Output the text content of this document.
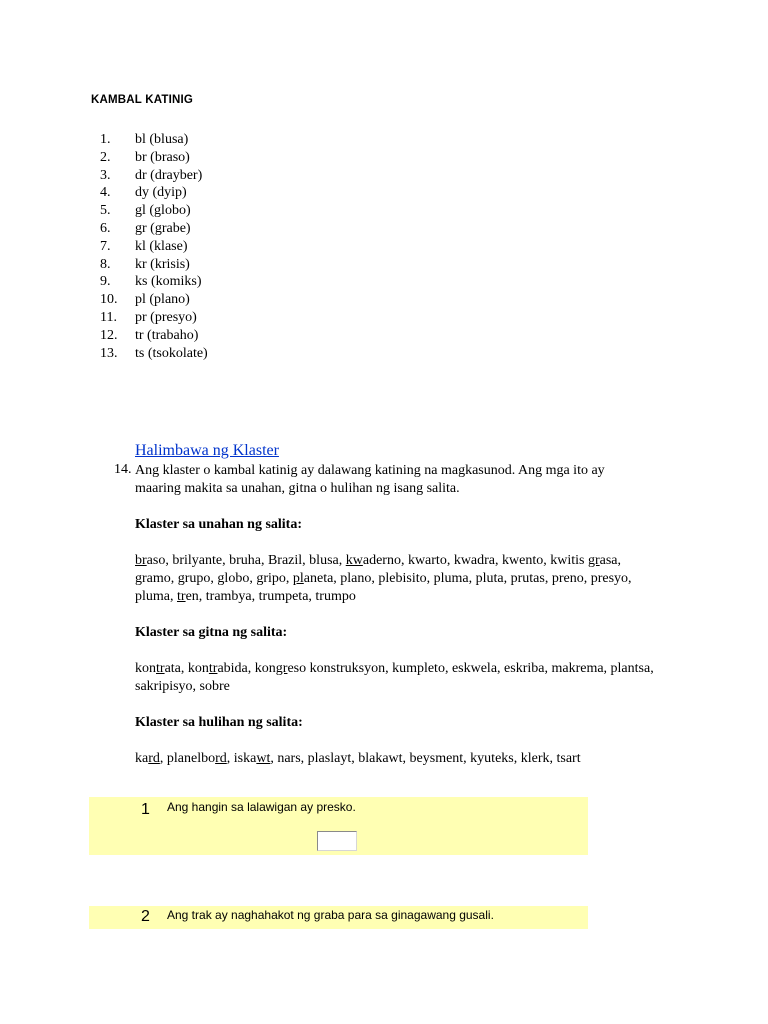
KAMBAL KATINIG
1.	bl (blusa)
2.	br (braso)
3.	dr (drayber)
4.	dy (dyip)
5.	gl (globo)
6.	gr (grabe)
7.	kl (klase)
8.	kr (krisis)
9.	ks (komiks)
10.	pl (plano)
11.	pr (presyo)
12.	tr (trabaho)
13.	ts (tsokolate)
Halimbawa ng Klaster
14. Ang klaster o kambal katinig ay dalawang katining na magkasunod. Ang mga ito ay maaring makita sa unahan, gitna o hulihan ng isang salita.

Klaster sa unahan ng salita:

braso, brilyante, bruha, Brazil, blusa, kwaderno, kwarto, kwadra, kwento, kwitis grasa, gramo, grupo, globo, gripo, planeta, plano, plebisito, pluma, pluta, prutas, preno, presyo, pluma, tren, trambya, trumpeta, trumpo

Klaster sa gitna ng salita:

kontrata, kontrabida, kongreso konstruksyon, kumpleto, eskwela, eskriba, makrema, plantsa, sakripisyo, sobre

Klaster sa hulihan ng salita:

kard, planelbord, iskawt, nars, plaslayt, blakawt, beysment, kyuteks, klerk, tsart

1 Ang hangin sa lalawigan ay presko.
2 Ang trak ay naghahakot ng graba para sa ginagawang gusali.
